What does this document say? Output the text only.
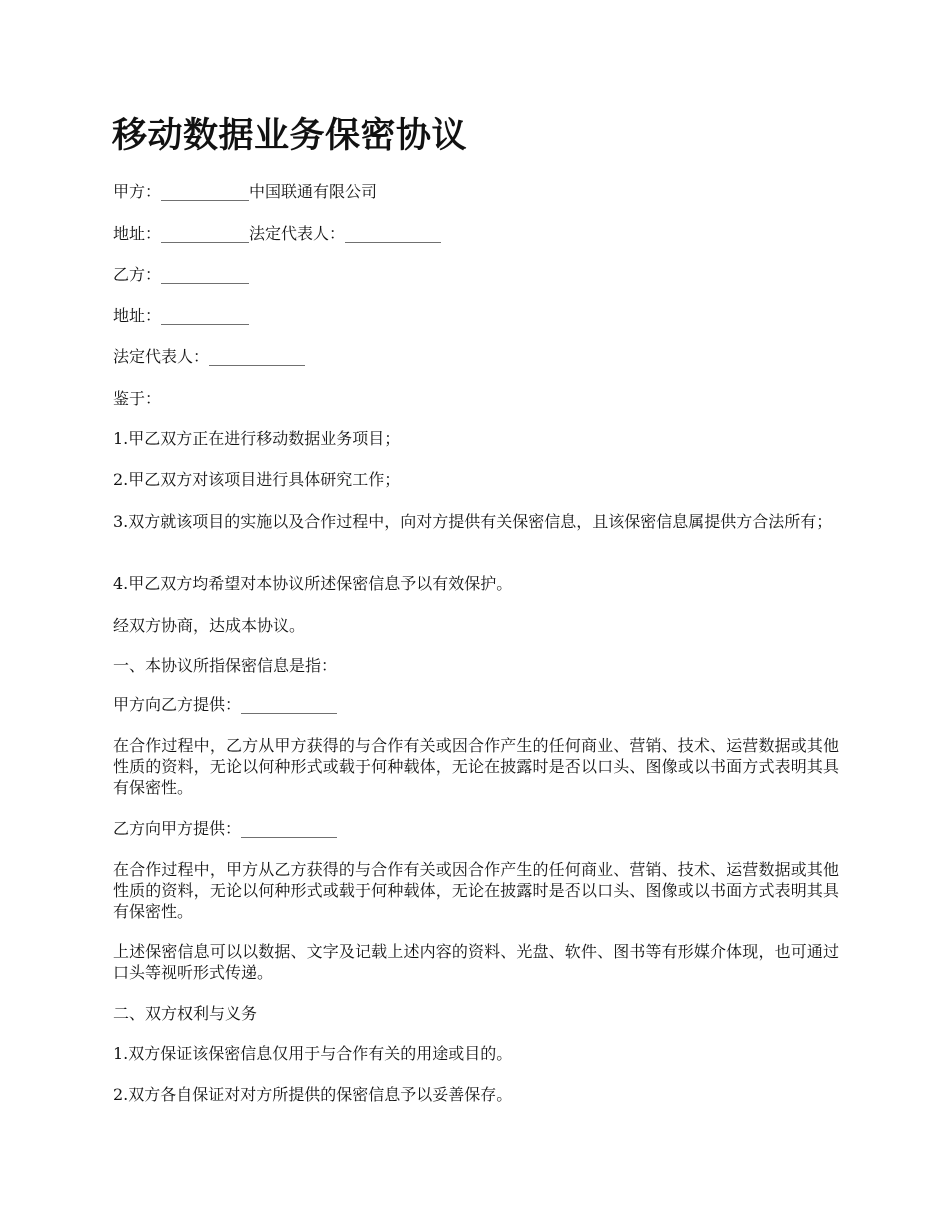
移动数据业务保密协议

甲方：___________中国联通有限公司

地址：___________法定代表人：____________

乙方：___________

地址：___________

法定代表人：____________

鉴于：

1.甲乙双方正在进行移动数据业务项目；

2.甲乙双方对该项目进行具体研究工作；

3.双方就该项目的实施以及合作过程中，向对方提供有关保密信息，且该保密信息属提供方合法所有；

4.甲乙双方均希望对本协议所述保密信息予以有效保护。

经双方协商，达成本协议。

一、本协议所指保密信息是指：

甲方向乙方提供：____________

在合作过程中，乙方从甲方获得的与合作有关或因合作产生的任何商业、营销、技术、运营数据或其他性质的资料，无论以何种形式或载于何种载体，无论在披露时是否以口头、图像或以书面方式表明其具有保密性。

乙方向甲方提供：____________

在合作过程中，甲方从乙方获得的与合作有关或因合作产生的任何商业、营销、技术、运营数据或其他性质的资料，无论以何种形式或载于何种载体，无论在披露时是否以口头、图像或以书面方式表明其具有保密性。

上述保密信息可以以数据、文字及记载上述内容的资料、光盘、软件、图书等有形媒介体现，也可通过口头等视听形式传递。

二、双方权利与义务

1.双方保证该保密信息仅用于与合作有关的用途或目的。

2.双方各自保证对对方所提供的保密信息予以妥善保存。
